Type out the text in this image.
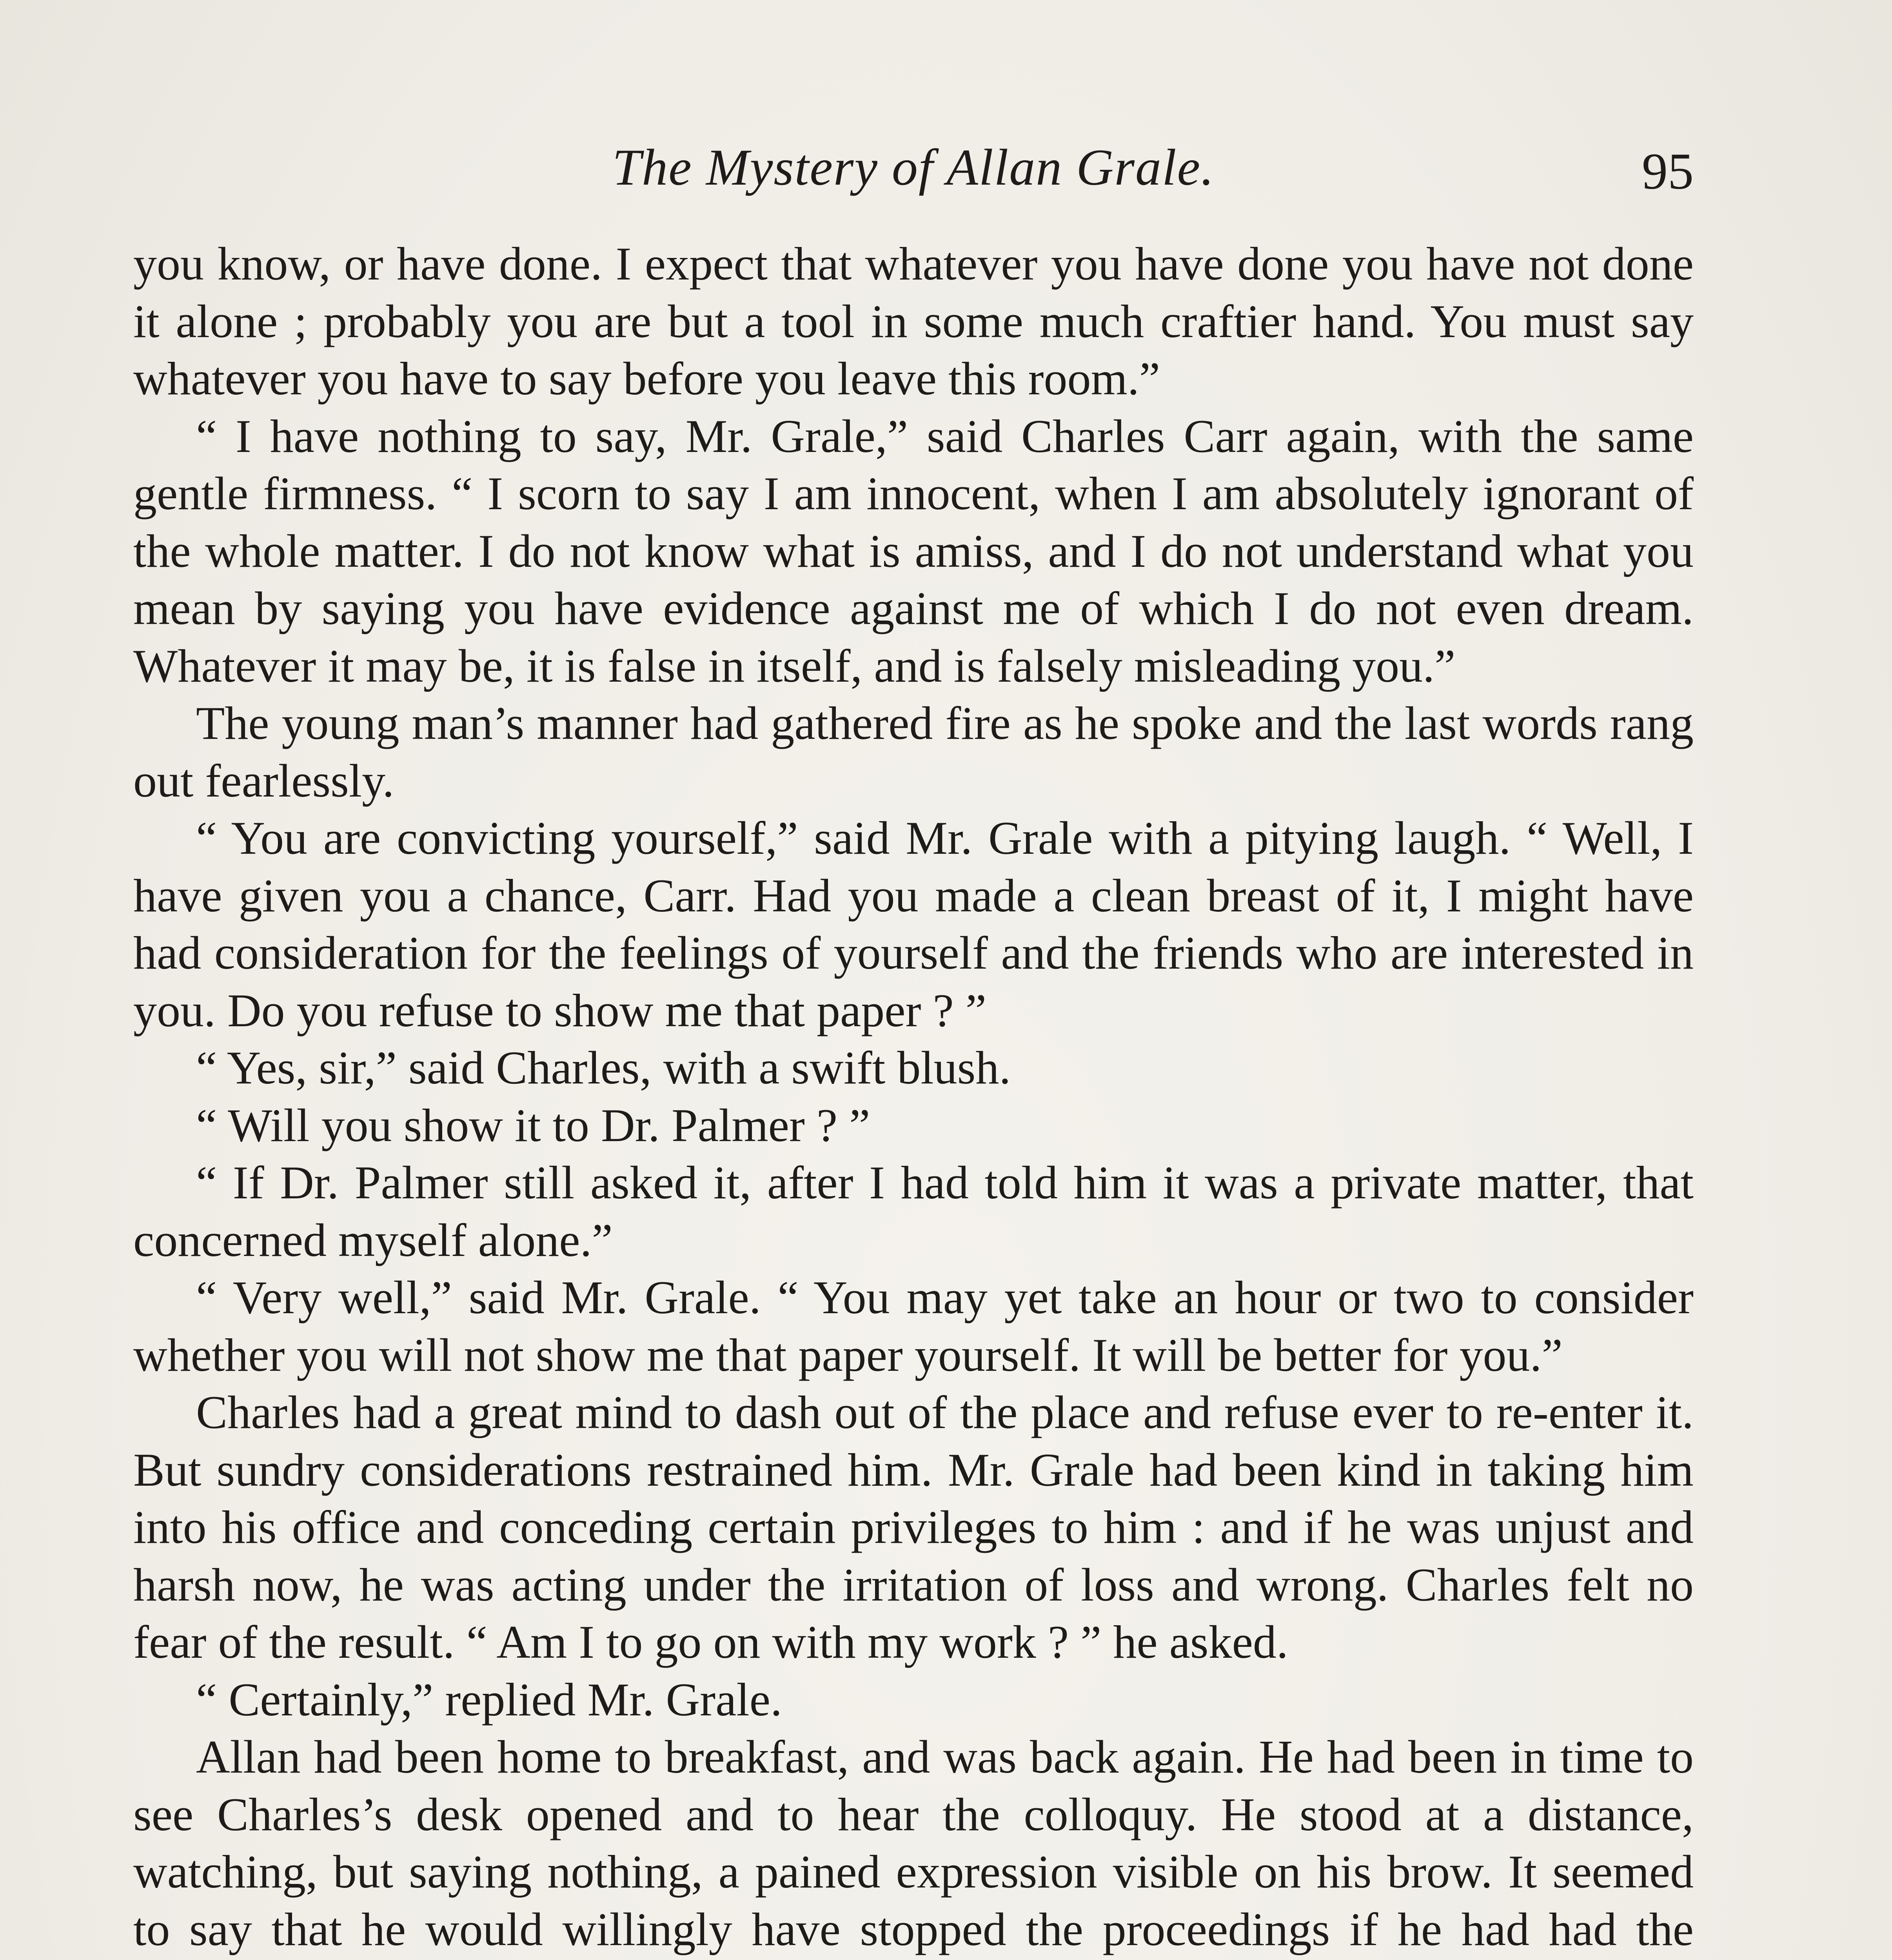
The Mystery of Allan Grale.	95

you know, or have done. I expect that whatever you have done you have not done it alone ; probably you are but a tool in some much craftier hand. You must say whatever you have to say before you leave this room.”

“ I have nothing to say, Mr. Grale,” said Charles Carr again, with the same gentle firmness. “ I scorn to say I am innocent, when I am absolutely ignorant of the whole matter. I do not know what is amiss, and I do not understand what you mean by saying you have evidence against me of which I do not even dream. Whatever it may be, it is false in itself, and is falsely misleading you.”

The young man’s manner had gathered fire as he spoke and the last words rang out fearlessly.

“ You are convicting yourself,” said Mr. Grale with a pitying laugh. “ Well, I have given you a chance, Carr. Had you made a clean breast of it, I might have had consideration for the feelings of yourself and the friends who are interested in you. Do you refuse to show me that paper ? ”

“ Yes, sir,” said Charles, with a swift blush.

“ Will you show it to Dr. Palmer ? ”

“ If Dr. Palmer still asked it, after I had told him it was a private matter, that concerned myself alone.”

“ Very well,” said Mr. Grale. “ You may yet take an hour or two to consider whether you will not show me that paper yourself. It will be better for you.”

Charles had a great mind to dash out of the place and refuse ever to re-enter it. But sundry considerations restrained him. Mr. Grale had been kind in taking him into his office and conceding certain privileges to him : and if he was unjust and harsh now, he was acting under the irritation of loss and wrong. Charles felt no fear of the result. “ Am I to go on with my work ? ” he asked.

“ Certainly,” replied Mr. Grale.

Allan had been home to breakfast, and was back again. He had been in time to see Charles’s desk opened and to hear the colloquy. He stood at a distance, watching, but saying nothing, a pained expression visible on his brow. It seemed to say that he would willingly have stopped the proceedings if he had had the
